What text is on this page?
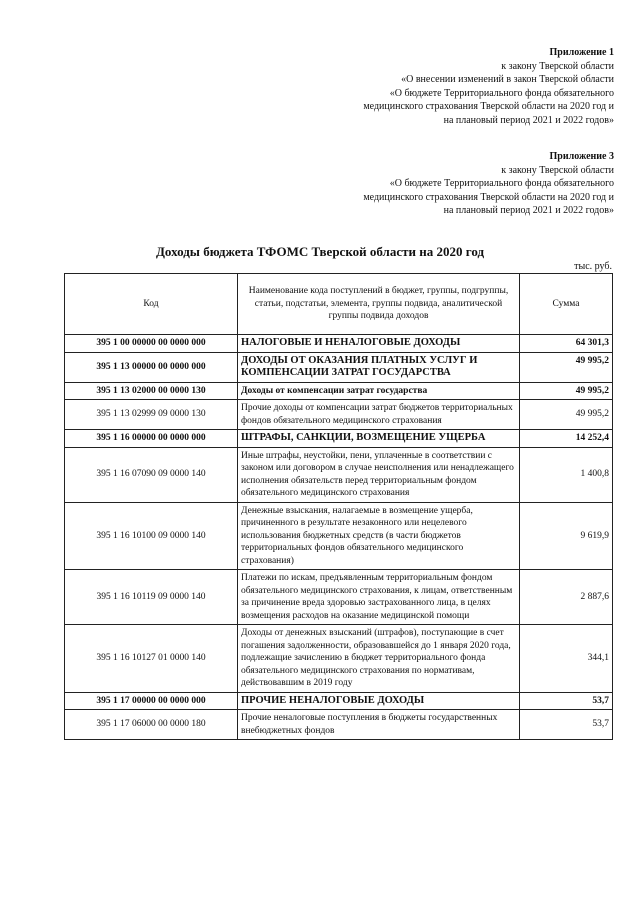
Приложение 1
к закону Тверской области
«О внесении изменений в закон Тверской области
«О бюджете Территориального фонда обязательного
медицинского страхования Тверской области на 2020 год и
на плановый период 2021 и 2022 годов»
Приложение 3
к закону Тверской области
«О бюджете Территориального фонда обязательного
медицинского страхования Тверской области на 2020 год и
на плановый период 2021 и 2022 годов»
Доходы бюджета ТФОМС Тверской области на 2020 год
тыс. руб.
Код	Наименование кода поступлений в бюджет, группы, подгруппы, статьи, подстатьи, элемента, группы подвида, аналитической группы подвида доходов	Сумма
395 1 00 00000 00 0000 000	НАЛОГОВЫЕ И НЕНАЛОГОВЫЕ ДОХОДЫ	64 301,3
395 1 13 00000 00 0000 000	ДОХОДЫ ОТ ОКАЗАНИЯ ПЛАТНЫХ УСЛУГ И КОМПЕНСАЦИИ ЗАТРАТ ГОСУДАРСТВА	49 995,2
395 1 13 02000 00 0000 130	Доходы от компенсации затрат государства	49 995,2
395 1 13 02999 09 0000 130	Прочие доходы от компенсации затрат бюджетов территориальных фондов обязательного медицинского страхования	49 995,2
395 1 16 00000 00 0000 000	ШТРАФЫ, САНКЦИИ, ВОЗМЕЩЕНИЕ УЩЕРБА	14 252,4
395 1 16 07090 09 0000 140	Иные штрафы, неустойки, пени, уплаченные в соответствии с законом или договором в случае неисполнения или ненадлежащего исполнения обязательств перед территориальным фондом обязательного медицинского страхования	1 400,8
395 1 16 10100 09 0000 140	Денежные взыскания, налагаемые в возмещение ущерба, причиненного в результате незаконного или нецелевого использования бюджетных средств (в части бюджетов территориальных фондов обязательного медицинского страхования)	9 619,9
395 1 16 10119 09 0000 140	Платежи по искам, предъявленным территориальным фондом обязательного медицинского страхования, к лицам, ответственным за причинение вреда здоровью застрахованного лица, в целях возмещения расходов на оказание медицинской помощи	2 887,6
395 1 16 10127 01 0000 140	Доходы от денежных взысканий (штрафов), поступающие в счет погашения задолженности, образовавшейся до 1 января 2020 года, подлежащие зачислению в бюджет территориального фонда обязательного медицинского страхования по нормативам, действовавшим в 2019 году	344,1
395 1 17 00000 00 0000 000	ПРОЧИЕ НЕНАЛОГОВЫЕ ДОХОДЫ	53,7
395 1 17 06000 00 0000 180	Прочие неналоговые поступления в бюджеты государственных внебюджетных фондов	53,7
